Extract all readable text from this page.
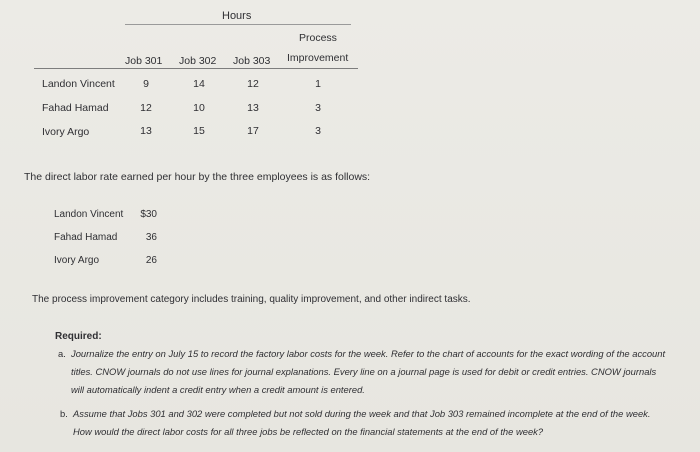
Hours
Process
Improvement
Job 301 Job 302 Job 303
Landon Vincent	9	14	12	1
Fahad Hamad	12	10	13	3
Ivory Argo	13	15	17	3
The direct labor rate earned per hour by the three employees is as follows:
Landon Vincent	$30
Fahad Hamad	36
Ivory Argo	26
The process improvement category includes training, quality improvement, and other indirect tasks.
Required:
a. Journalize the entry on July 15 to record the factory labor costs for the week. Refer to the chart of accounts for the exact wording of the account
titles. CNOW journals do not use lines for journal explanations. Every line on a journal page is used for debit or credit entries. CNOW journals
will automatically indent a credit entry when a credit amount is entered.
b. Assume that Jobs 301 and 302 were completed but not sold during the week and that Job 303 remained incomplete at the end of the week.
How would the direct labor costs for all three jobs be reflected on the financial statements at the end of the week?
